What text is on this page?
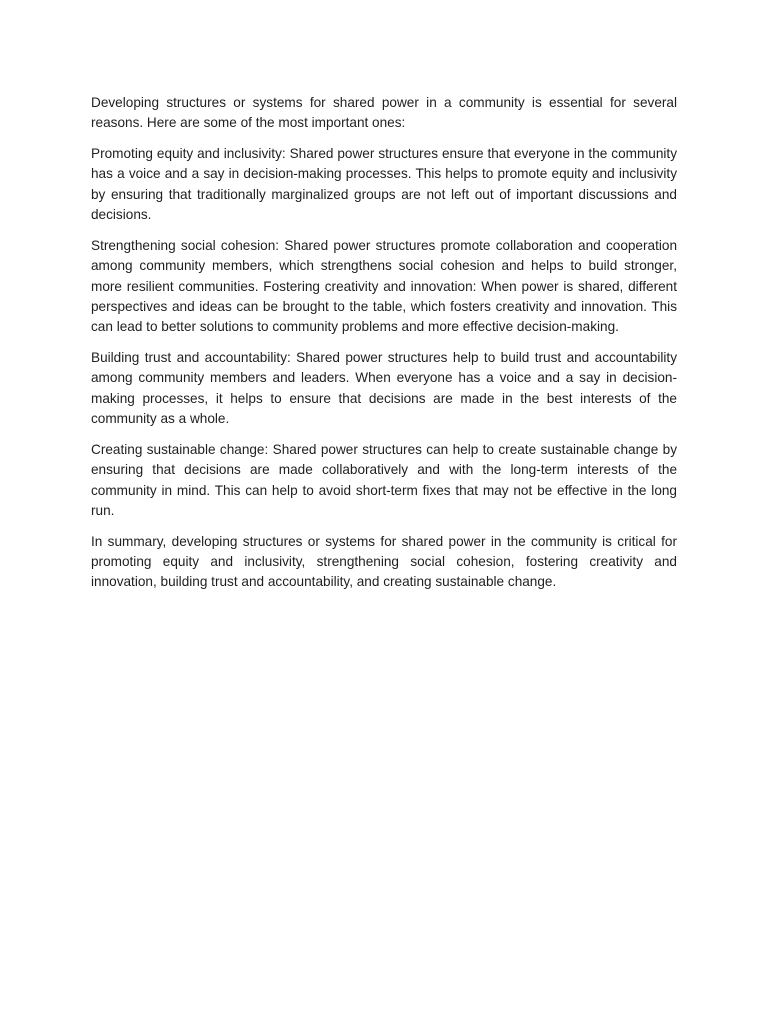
Developing structures or systems for shared power in a community is essential for several reasons. Here are some of the most important ones:

Promoting equity and inclusivity: Shared power structures ensure that everyone in the community has a voice and a say in decision-making processes. This helps to promote equity and inclusivity by ensuring that traditionally marginalized groups are not left out of important discussions and decisions.

Strengthening social cohesion: Shared power structures promote collaboration and cooperation among community members, which strengthens social cohesion and helps to build stronger, more resilient communities. Fostering creativity and innovation: When power is shared, different perspectives and ideas can be brought to the table, which fosters creativity and innovation. This can lead to better solutions to community problems and more effective decision-making.

Building trust and accountability: Shared power structures help to build trust and accountability among community members and leaders. When everyone has a voice and a say in decision-making processes, it helps to ensure that decisions are made in the best interests of the community as a whole.

Creating sustainable change: Shared power structures can help to create sustainable change by ensuring that decisions are made collaboratively and with the long-term interests of the community in mind. This can help to avoid short-term fixes that may not be effective in the long run.

In summary, developing structures or systems for shared power in the community is critical for promoting equity and inclusivity, strengthening social cohesion, fostering creativity and innovation, building trust and accountability, and creating sustainable change.
